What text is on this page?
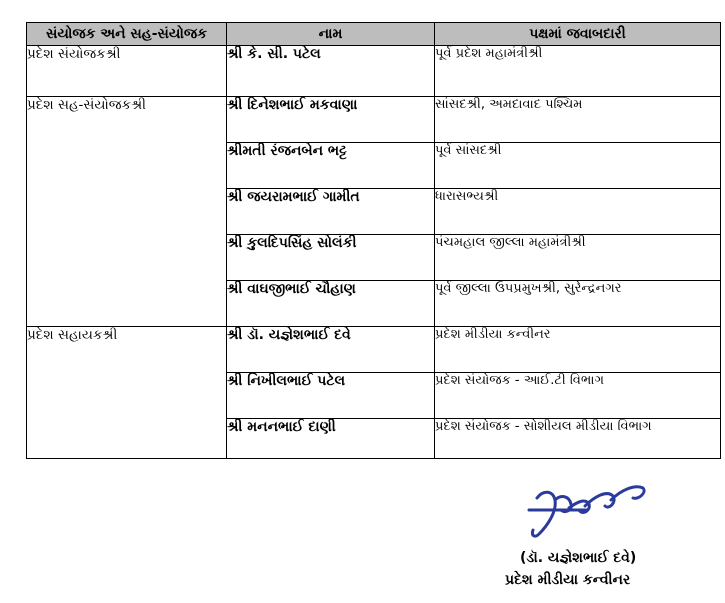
સંયોજક અને સહ-સંયોજક	નામ	પક્ષમાં જવાબદારી
પ્રદેશ સંયોજકશ્રી	શ્રી કે. સી. પટેલ	પૂર્વ પ્રદેશ મહામંત્રીશ્રી
પ્રદેશ સહ-સંયોજકશ્રી	શ્રી દિનેશભાઈ મકવાણા	સાંસદશ્રી, અમદાવાદ પશ્ચિમ
	શ્રીમતી રંજનબેન ભટ્ટ	પૂર્વ સાંસદશ્રી
	શ્રી જયરામભાઈ ગામીત	ધારાસભ્યશ્રી
	શ્રી કુલદિપસિંહ સોલંકી	પંચમહાલ જીલ્લા મહામંત્રીશ્રી
	શ્રી વાઘજીભાઈ ચૌહાણ	પૂર્વ જીલ્લા ઉપપ્રમુખશ્રી, સુરેન્દ્રનગર
પ્રદેશ સહાયકશ્રી	શ્રી ડૉ. યજ્ઞેશભાઈ દવે	પ્રદેશ મીડીયા કન્વીનર
	શ્રી નિખીલભાઈ પટેલ	પ્રદેશ સંયોજક - આઈ.ટી વિભાગ
	શ્રી મનનભાઈ દાણી	પ્રદેશ સંયોજક - સોશીયલ મીડીયા વિભાગ
(ડૉ. યજ્ઞેશભાઈ દવે)
પ્રદેશ મીડીયા કન્વીનર
